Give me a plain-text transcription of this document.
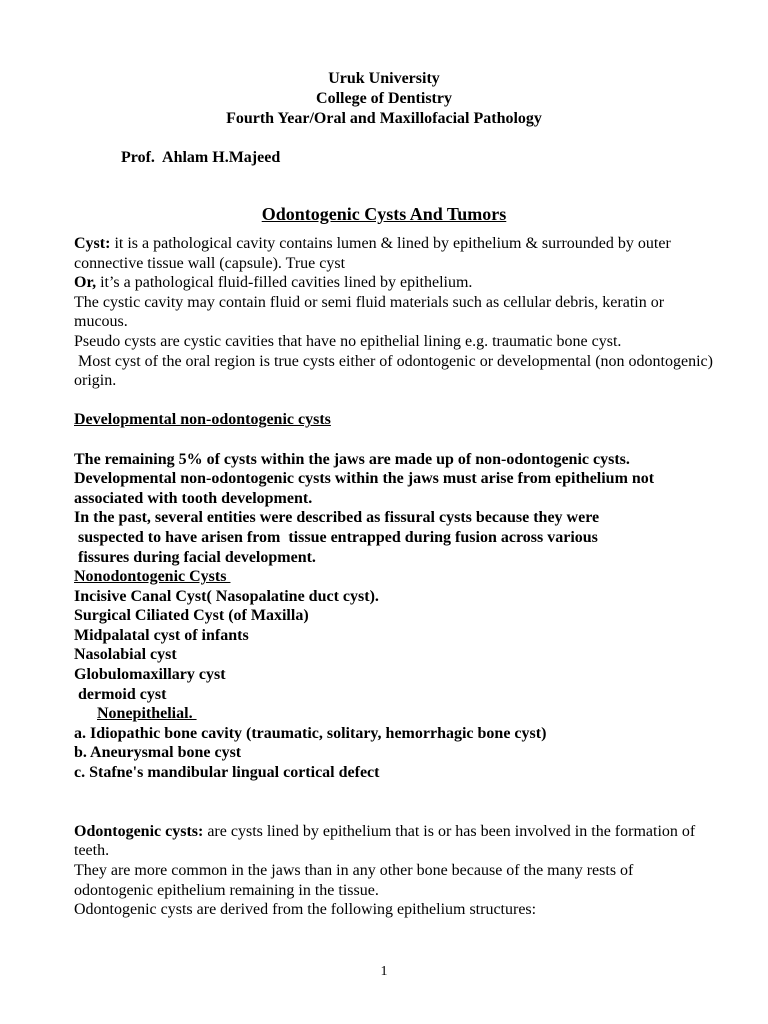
Uruk University
College of Dentistry
Fourth Year/Oral and Maxillofacial Pathology
Prof.  Ahlam H.Majeed
Odontogenic Cysts And Tumors

Cyst: it is a pathological cavity contains lumen & lined by epithelium & surrounded by outer connective tissue wall (capsule). True cyst

Or, it’s a pathological fluid-filled cavities lined by epithelium.

The cystic cavity may contain fluid or semi fluid materials such as cellular debris, keratin or mucous.

Pseudo cysts are cystic cavities that have no epithelial lining e.g. traumatic bone cyst.

Most cyst of the oral region is true cysts either of odontogenic or developmental (non odontogenic) origin.

Developmental non-odontogenic cysts

The remaining 5% of cysts within the jaws are made up of non-odontogenic cysts.

Developmental non-odontogenic cysts within the jaws must arise from epithelium not associated with tooth development.

In the past, several entities were described as fissural cysts because they were

suspected to have arisen from  tissue entrapped during fusion across various

fissures during facial development.

Nonodontogenic Cysts

Incisive Canal Cyst( Nasopalatine duct cyst).

Surgical Ciliated Cyst (of Maxilla)

Midpalatal cyst of infants

Nasolabial cyst

Globulomaxillary cyst

dermoid cyst

Nonepithelial.

a. Idiopathic bone cavity (traumatic, solitary, hemorrhagic bone cyst)

b. Aneurysmal bone cyst

c. Stafne's mandibular lingual cortical defect

Odontogenic cysts: are cysts lined by epithelium that is or has been involved in the formation of teeth.

They are more common in the jaws than in any other bone because of the many rests of odontogenic epithelium remaining in the tissue.

Odontogenic cysts are derived from the following epithelium structures:

1
